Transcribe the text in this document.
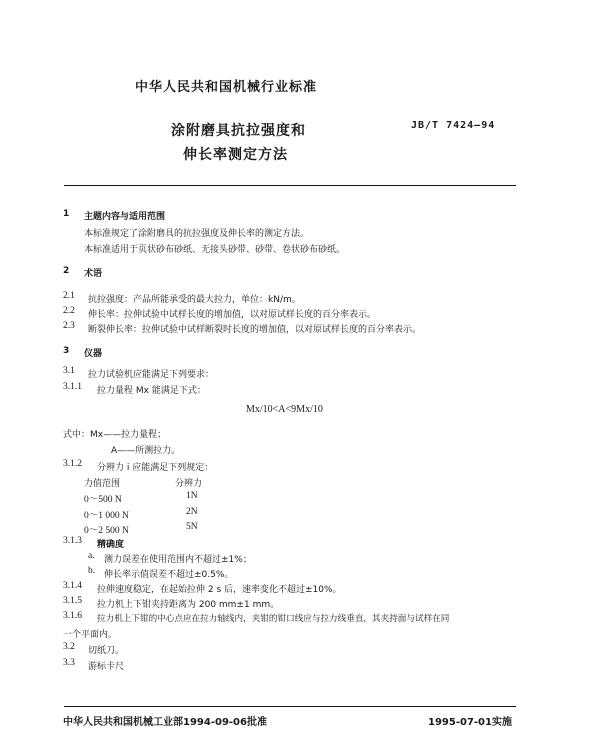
中华人民共和国机械行业标准
涂附磨具抗拉强度和
伸长率测定方法
JB/T 7424—94
1 主题内容与适用范围
本标准规定了涂附磨具的抗拉强度及伸长率的测定方法。
本标准适用于页状砂布砂纸、无接头砂带、砂带、卷状砂布砂纸。
2 术语
2.1 抗拉强度：产品所能承受的最大拉力，单位：kN/m。
2.2 伸长率：拉伸试验中试样长度的增加值，以对原试样长度的百分率表示。
2.3 断裂伸长率：拉伸试验中试样断裂时长度的增加值，以对原试样长度的百分率表示。
3 仪器
3.1 拉力试验机应能满足下列要求：
3.1.1 拉力量程 Mx 能满足下式：
Mx/10<A<9Mx/10
式中：Mx——拉力量程；
A——所测拉力。
3.1.2 分辨力 i 应能满足下列规定：
力值范围	分辨力
0～500 N	1N
0～1 000 N	2N
0～2 500 N	5N
3.1.3 精确度
a. 测力误差在使用范围内不超过±1%；
b. 伸长率示值误差不超过±0.5%。
3.1.4 拉伸速度稳定，在起始拉伸 2 s 后，速率变化不超过±10%。
3.1.5 拉力机上下钳夹持距离为 200 mm±1 mm。
3.1.6 拉力机上下钳的中心点应在拉力轴线内，夹钳的钳口线应与拉力线垂直，其夹持面与试样在同
一个平面内。
3.2 切纸刀。
3.3 游标卡尺
中华人民共和国机械工业部1994-09-06批准	1995-07-01实施
